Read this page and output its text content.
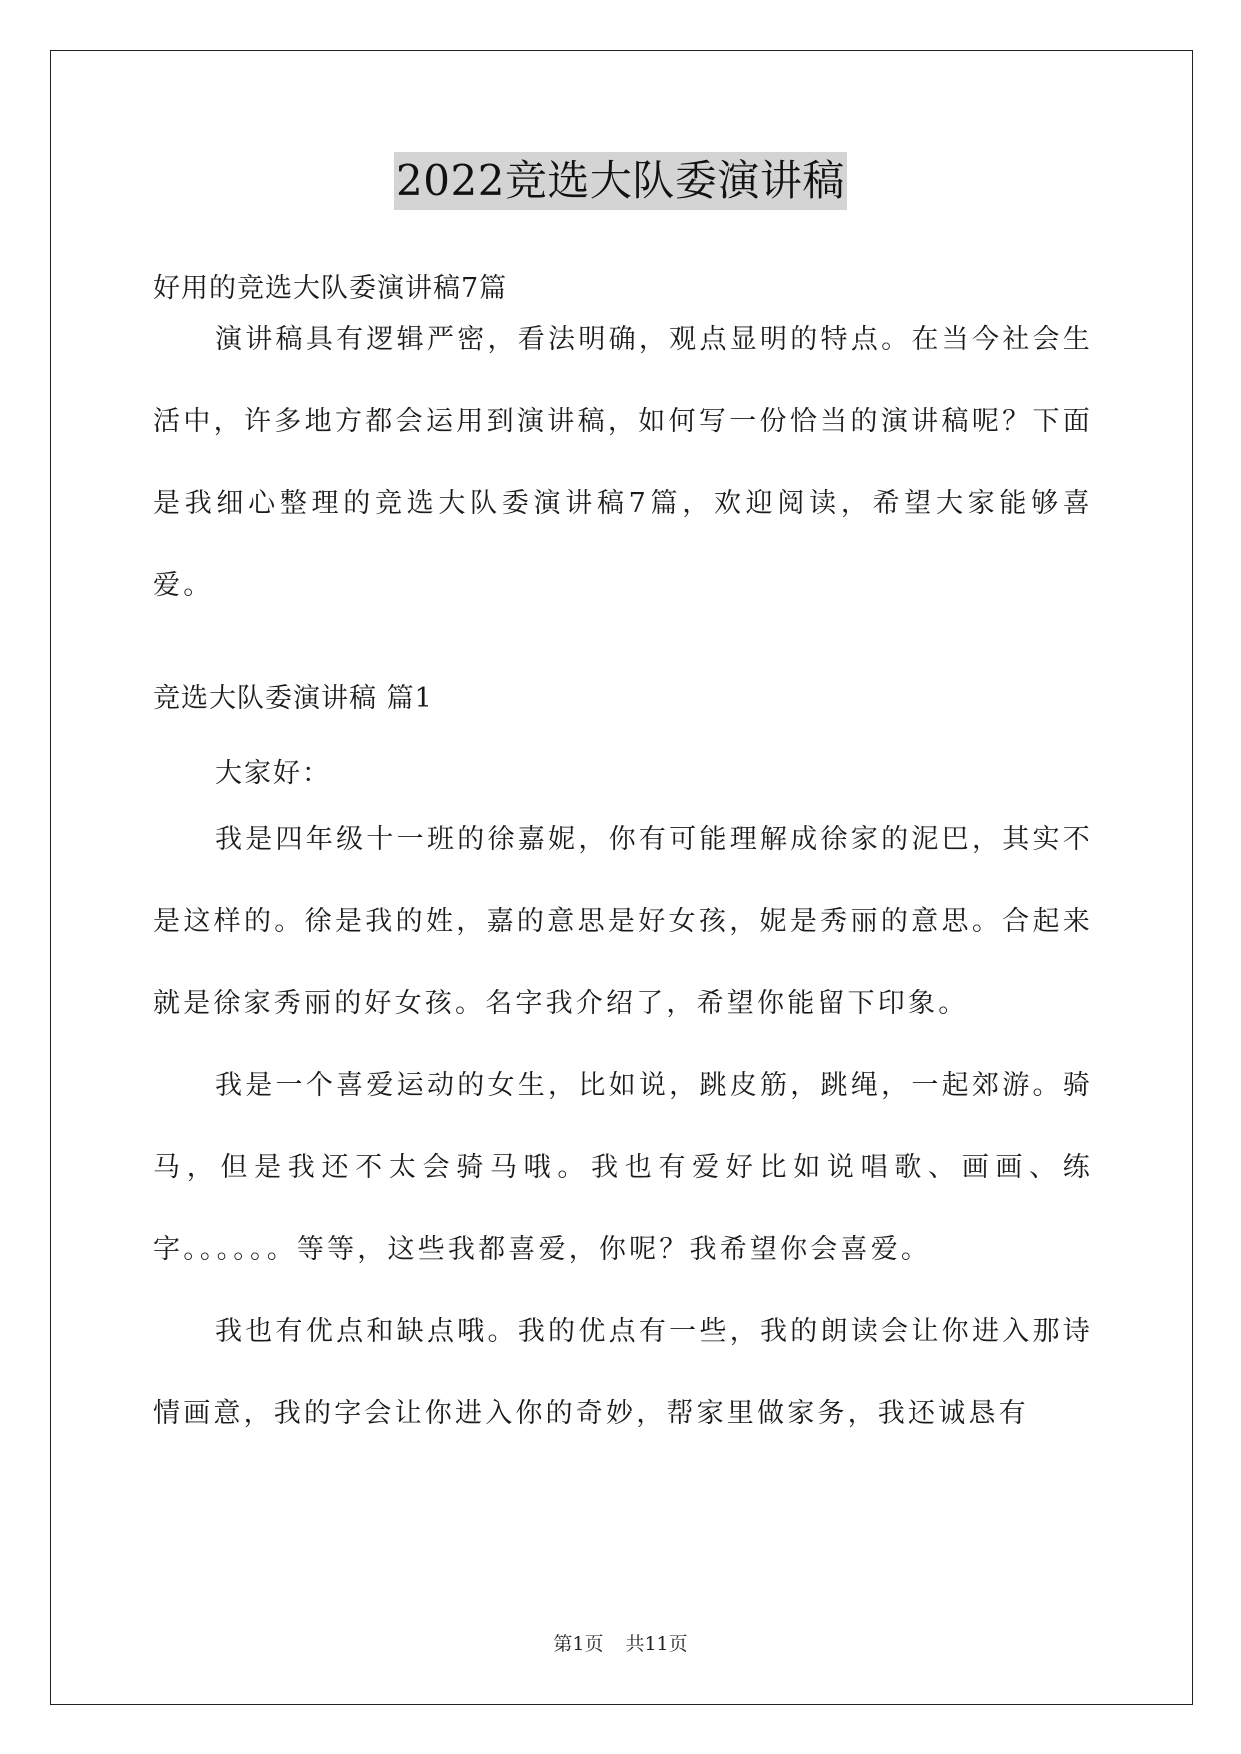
2022竞选大队委演讲稿
好用的竞选大队委演讲稿7篇

演讲稿具有逻辑严密，看法明确，观点显明的特点。在当今社会生活中，许多地方都会运用到演讲稿，如何写一份恰当的演讲稿呢？下面是我细心整理的竞选大队委演讲稿7篇，欢迎阅读，希望大家能够喜爱。

竞选大队委演讲稿 篇1
大家好：

我是四年级十一班的徐嘉妮，你有可能理解成徐家的泥巴，其实不是这样的。徐是我的姓，嘉的意思是好女孩，妮是秀丽的意思。合起来就是徐家秀丽的好女孩。名字我介绍了，希望你能留下印象。

我是一个喜爱运动的女生，比如说，跳皮筋，跳绳，一起郊游。骑马，但是我还不太会骑马哦。我也有爱好比如说唱歌、画画、练字。。。。。。等等，这些我都喜爱，你呢？我希望你会喜爱。

我也有优点和缺点哦。我的优点有一些，我的朗读会让你进入那诗情画意，我的字会让你进入你的奇妙，帮家里做家务，我还诚恳有

第1页 共11页
